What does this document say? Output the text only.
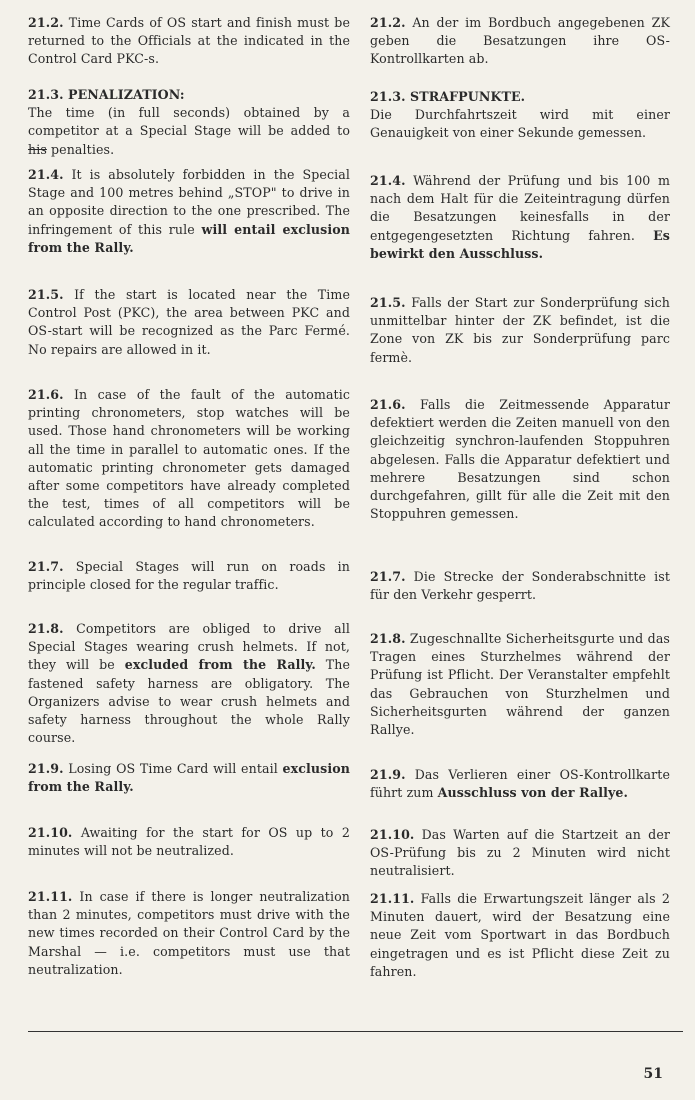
21.2. Time Cards of OS start and finish must be returned to the Officials at the indicated in the Control Card PKC-s.

21.3. PENALIZATION:
The time (in full seconds) obtained by a competitor at a Special Stage will be added to his penalties.

21.4. It is absolutely forbidden in the Special Stage and 100 metres behind „STOP" to drive in an opposite direction to the one prescribed. The infringement of this rule will entail exclusion from the Rally.

21.5. If the start is located near the Time Control Post (PKC), the area between PKC and OS-start will be recognized as the Parc Fermé. No repairs are allowed in it.

21.6. In case of the fault of the automatic printing chronometers, stop watches will be used. Those hand chronometers will be working all the time in parallel to automatic ones. If the automatic printing chronometer gets damaged after some competitors have already completed the test, times of all competitors will be calculated according to hand chronometers.

21.7. Special Stages will run on roads in principle closed for the regular traffic.

21.8. Competitors are obliged to drive all Special Stages wearing crush helmets. If not, they will be excluded from the Rally. The fastened safety harness are obligatory. The Organizers advise to wear crush helmets and safety harness throughout the whole Rally course.

21.9. Losing OS Time Card will entail exclusion from the Rally.

21.10. Awaiting for the start for OS up to 2 minutes will not be neutralized.

21.11. In case if there is longer neutralization than 2 minutes, competitors must drive with the new times recorded on their Control Card by the Marshal — i.e. competitors must use that neutralization.

21.2. An der im Bordbuch angegebenen ZK geben die Besatzungen ihre OS-Kontrollkarten ab.

21.3. STRAFPUNKTE.
Die Durchfahrtszeit wird mit einer Genauigkeit von einer Sekunde gemessen.

21.4. Während der Prüfung und bis 100 m nach dem Halt für die Zeiteintragung dürfen die Besatzungen keinesfalls in der entgegengesetzten Richtung fahren. Es bewirkt den Ausschluss.

21.5. Falls der Start zur Sonderprüfung sich unmittelbar hinter der ZK befindet, ist die Zone von ZK bis zur Sonderprüfung parc fermè.

21.6. Falls die Zeitmessende Apparatur defektiert werden die Zeiten manuell von den gleichzeitig synchron-laufenden Stoppuhren abgelesen. Falls die Apparatur defektiert und mehrere Besatzungen sind schon durchgefahren, gillt für alle die Zeit mit den Stoppuhren gemessen.

21.7. Die Strecke der Sonderabschnitte ist für den Verkehr gesperrt.

21.8. Zugeschnallte Sicherheitsgurte und das Tragen eines Sturzhelmes während der Prüfung ist Pflicht. Der Veranstalter empfehlt das Gebrauchen von Sturzhelmen und Sicherheitsgurten während der ganzen Rallye.

21.9. Das Verlieren einer OS-Kontrollkarte führt zum Ausschluss von der Rallye.

21.10. Das Warten auf die Startzeit an der OS-Prüfung bis zu 2 Minuten wird nicht neutralisiert.

21.11. Falls die Erwartungszeit länger als 2 Minuten dauert, wird der Besatzung eine neue Zeit vom Sportwart in das Bordbuch eingetragen und es ist Pflicht diese Zeit zu fahren.

51
